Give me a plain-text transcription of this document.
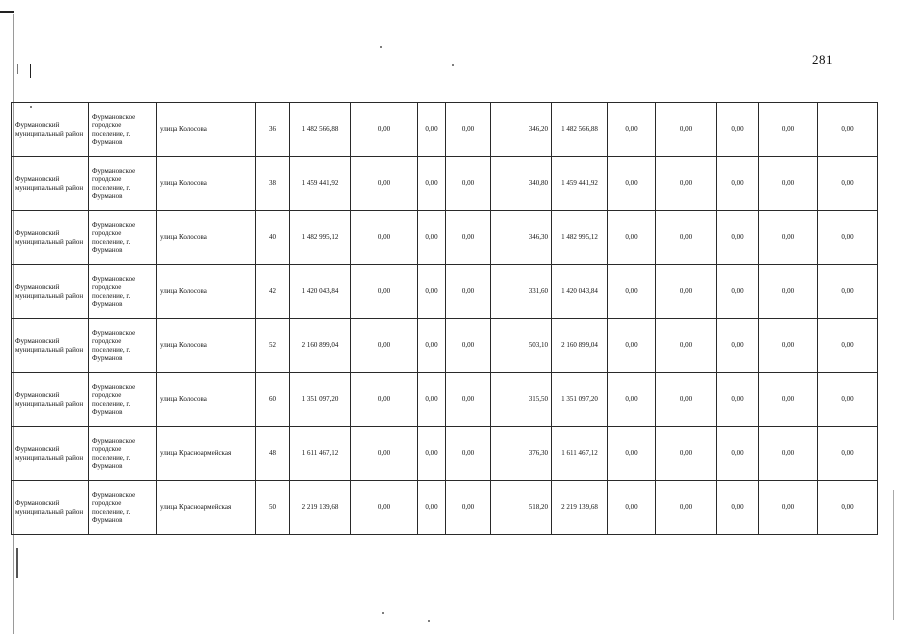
281
Фурмановский муниципальный район	Фурмановское городское поселение, г. Фурманов	улица Колосова	36	1 482 566,88	0,00	0,00	0,00	346,20	1 482 566,88	0,00	0,00	0,00	0,00	0,00
Фурмановский муниципальный район	Фурмановское городское поселение, г. Фурманов	улица Колосова	38	1 459 441,92	0,00	0,00	0,00	340,80	1 459 441,92	0,00	0,00	0,00	0,00	0,00
Фурмановский муниципальный район	Фурмановское городское поселение, г. Фурманов	улица Колосова	40	1 482 995,12	0,00	0,00	0,00	346,30	1 482 995,12	0,00	0,00	0,00	0,00	0,00
Фурмановский муниципальный район	Фурмановское городское поселение, г. Фурманов	улица Колосова	42	1 420 043,84	0,00	0,00	0,00	331,60	1 420 043,84	0,00	0,00	0,00	0,00	0,00
Фурмановский муниципальный район	Фурмановское городское поселение, г. Фурманов	улица Колосова	52	2 160 899,04	0,00	0,00	0,00	503,10	2 160 899,04	0,00	0,00	0,00	0,00	0,00
Фурмановский муниципальный район	Фурмановское городское поселение, г. Фурманов	улица Колосова	60	1 351 097,20	0,00	0,00	0,00	315,50	1 351 097,20	0,00	0,00	0,00	0,00	0,00
Фурмановский муниципальный район	Фурмановское городское поселение, г. Фурманов	улица Красноармейская	48	1 611 467,12	0,00	0,00	0,00	376,30	1 611 467,12	0,00	0,00	0,00	0,00	0,00
Фурмановский муниципальный район	Фурмановское городское поселение, г. Фурманов	улица Красноармейская	50	2 219 139,68	0,00	0,00	0,00	518,20	2 219 139,68	0,00	0,00	0,00	0,00	0,00
